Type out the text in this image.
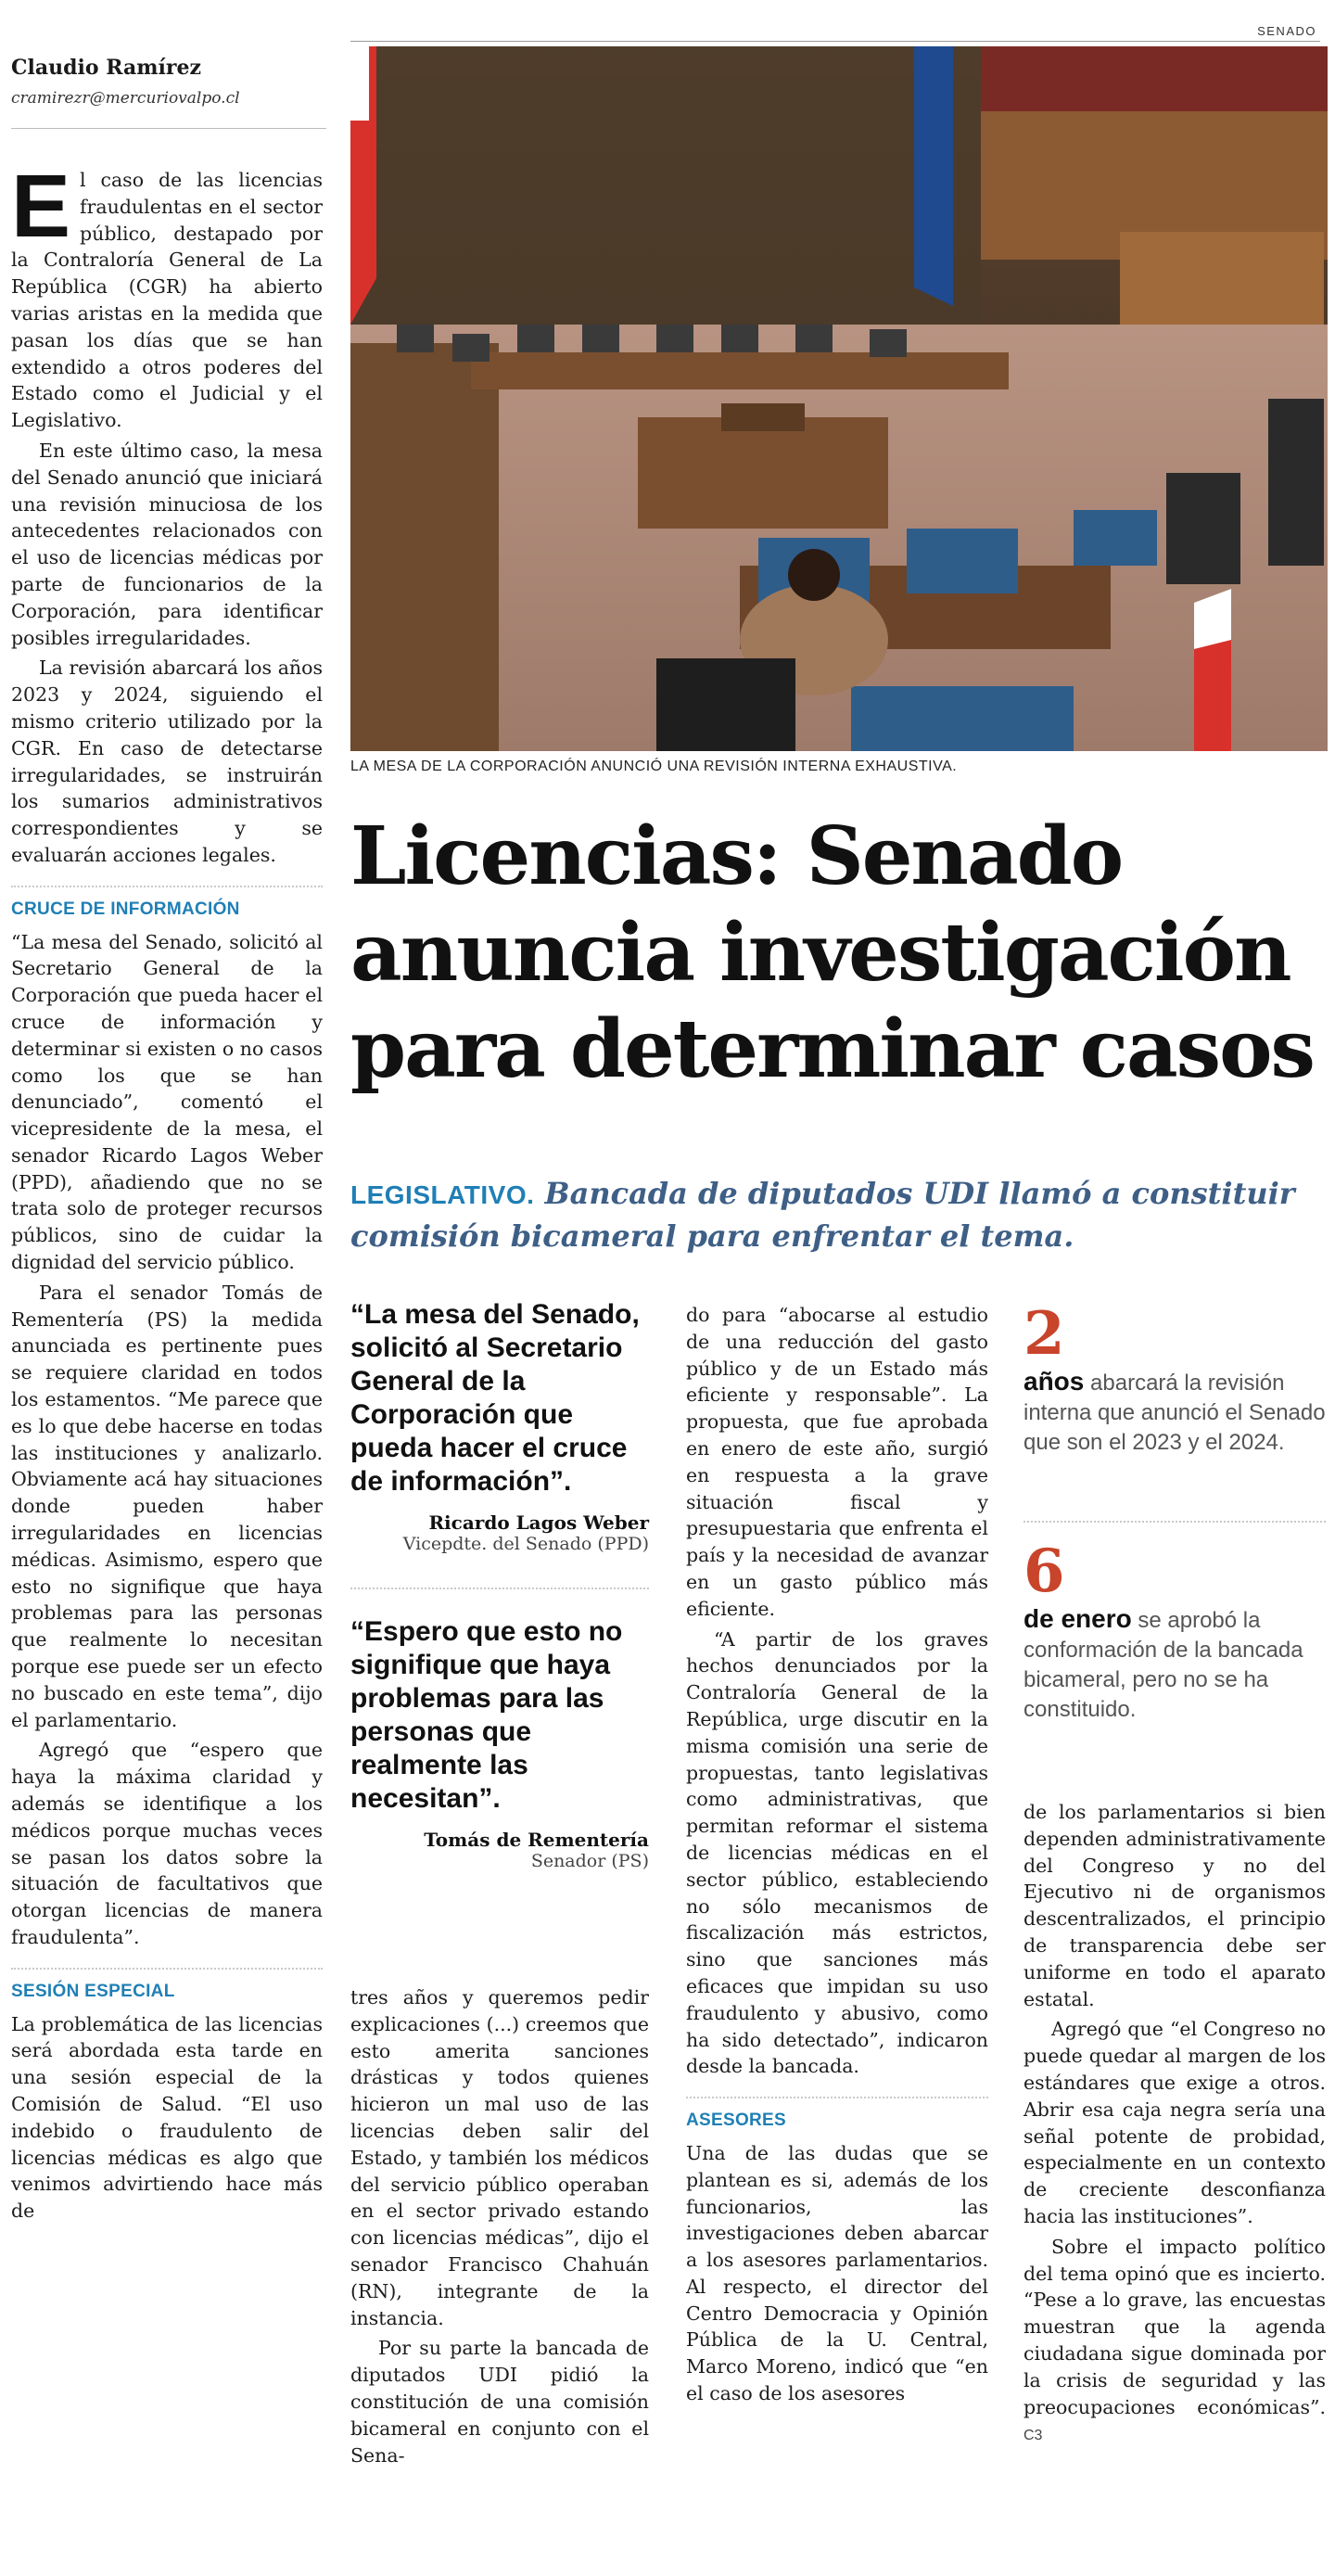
SENADO
Claudio Ramírez
cramirezr@mercuriovalpo.cl

El caso de las licencias fraudulentas en el sector público, destapado por la Contraloría General de La República (CGR) ha abierto varias aristas en la medida que pasan los días que se han extendido a otros poderes del Estado como el Judicial y el Legislativo.

En este último caso, la mesa del Senado anunció que iniciará una revisión minuciosa de los antecedentes relacionados con el uso de licencias médicas por parte de funcionarios de la Corporación, para identificar posibles irregularidades.

La revisión abarcará los años 2023 y 2024, siguiendo el mismo criterio utilizado por la CGR. En caso de detectarse irregularidades, se instruirán los sumarios administrativos correspondientes y se evaluarán acciones legales.

CRUCE DE INFORMACIÓN

“La mesa del Senado, solicitó al Secretario General de la Corporación que pueda hacer el cruce de información y determinar si existen o no casos como los que se han denunciado”, comentó el vicepresidente de la mesa, el senador Ricardo Lagos Weber (PPD), añadiendo que no se trata solo de proteger recursos públicos, sino de cuidar la dignidad del servicio público.

Para el senador Tomás de Rementería (PS) la medida anunciada es pertinente pues se requiere claridad en todos los estamentos. “Me parece que es lo que debe hacerse en todas las instituciones y analizarlo. Obviamente acá hay situaciones donde pueden haber irregularidades en licencias médicas. Asimismo, espero que esto no signifique que haya problemas para las personas que realmente lo necesitan porque ese puede ser un efecto no buscado en este tema”, dijo el parlamentario.

Agregó que “espero que haya la máxima claridad y además se identifique a los médicos porque muchas veces se pasan los datos sobre la situación de facultativos que otorgan licencias de manera fraudulenta”.

SESIÓN ESPECIAL

La problemática de las licencias será abordada esta tarde en una sesión especial de la Comisión de Salud. “El uso indebido o fraudulento de licencias médicas es algo que venimos advirtiendo hace más de

LA MESA DE LA CORPORACIÓN ANUNCIÓ UNA REVISIÓN INTERNA EXHAUSTIVA.
Licencias: Senado anuncia investigación para determinar casos
LEGISLATIVO. Bancada de diputados UDI llamó a constituir comisión bicameral para enfrentar el tema.
“La mesa del Senado, solicitó al Secretario General de la Corporación que pueda hacer el cruce de información”.
Ricardo Lagos Weber
Vicepdte. del Senado (PPD)
“Espero que esto no signifique que haya problemas para las personas que realmente las necesitan”.
Tomás de Rementería
Senador (PS)

tres años y queremos pedir explicaciones (...) creemos que esto amerita sanciones drásticas y todos quienes hicieron un mal uso de las licencias deben salir del Estado, y también los médicos del servicio público operaban en el sector privado estando con licencias médicas”, dijo el senador Francisco Chahuán (RN), integrante de la instancia.

Por su parte la bancada de diputados UDI pidió la constitución de una comisión bicameral en conjunto con el Sena-

do para “abocarse al estudio de una reducción del gasto público y de un Estado más eficiente y responsable”. La propuesta, que fue aprobada en enero de este año, surgió en respuesta a la grave situación fiscal y presupuestaria que enfrenta el país y la necesidad de avanzar en un gasto público más eficiente.

“A partir de los graves hechos denunciados por la Contraloría General de la República, urge discutir en la misma comisión una serie de propuestas, tanto legislativas como administrativas, que permitan reformar el sistema de licencias médicas en el sector público, estableciendo no sólo mecanismos de fiscalización más estrictos, sino que sanciones más eficaces que impidan su uso fraudulento y abusivo, como ha sido detectado”, indicaron desde la bancada.

ASESORES

Una de las dudas que se plantean es si, además de los funcionarios, las investigaciones deben abarcar a los asesores parlamentarios. Al respecto, el director del Centro Democracia y Opinión Pública de la U. Central, Marco Moreno, indicó que “en el caso de los asesores

2
años abarcará la revisión interna que anunció el Senado que son el 2023 y el 2024.
6
de enero se aprobó la conformación de la bancada bicameral, pero no se ha constituido.

de los parlamentarios si bien dependen administrativamente del Congreso y no del Ejecutivo ni de organismos descentralizados, el principio de transparencia debe ser uniforme en todo el aparato estatal.

Agregó que “el Congreso no puede quedar al margen de los estándares que exige a otros. Abrir esa caja negra sería una señal potente de probidad, especialmente en un contexto de creciente desconfianza hacia las instituciones”.

Sobre el impacto político del tema opinó que es incierto. “Pese a lo grave, las encuestas muestran que la agenda ciudadana sigue dominada por la crisis de seguridad y las preocupaciones económicas”. C3
